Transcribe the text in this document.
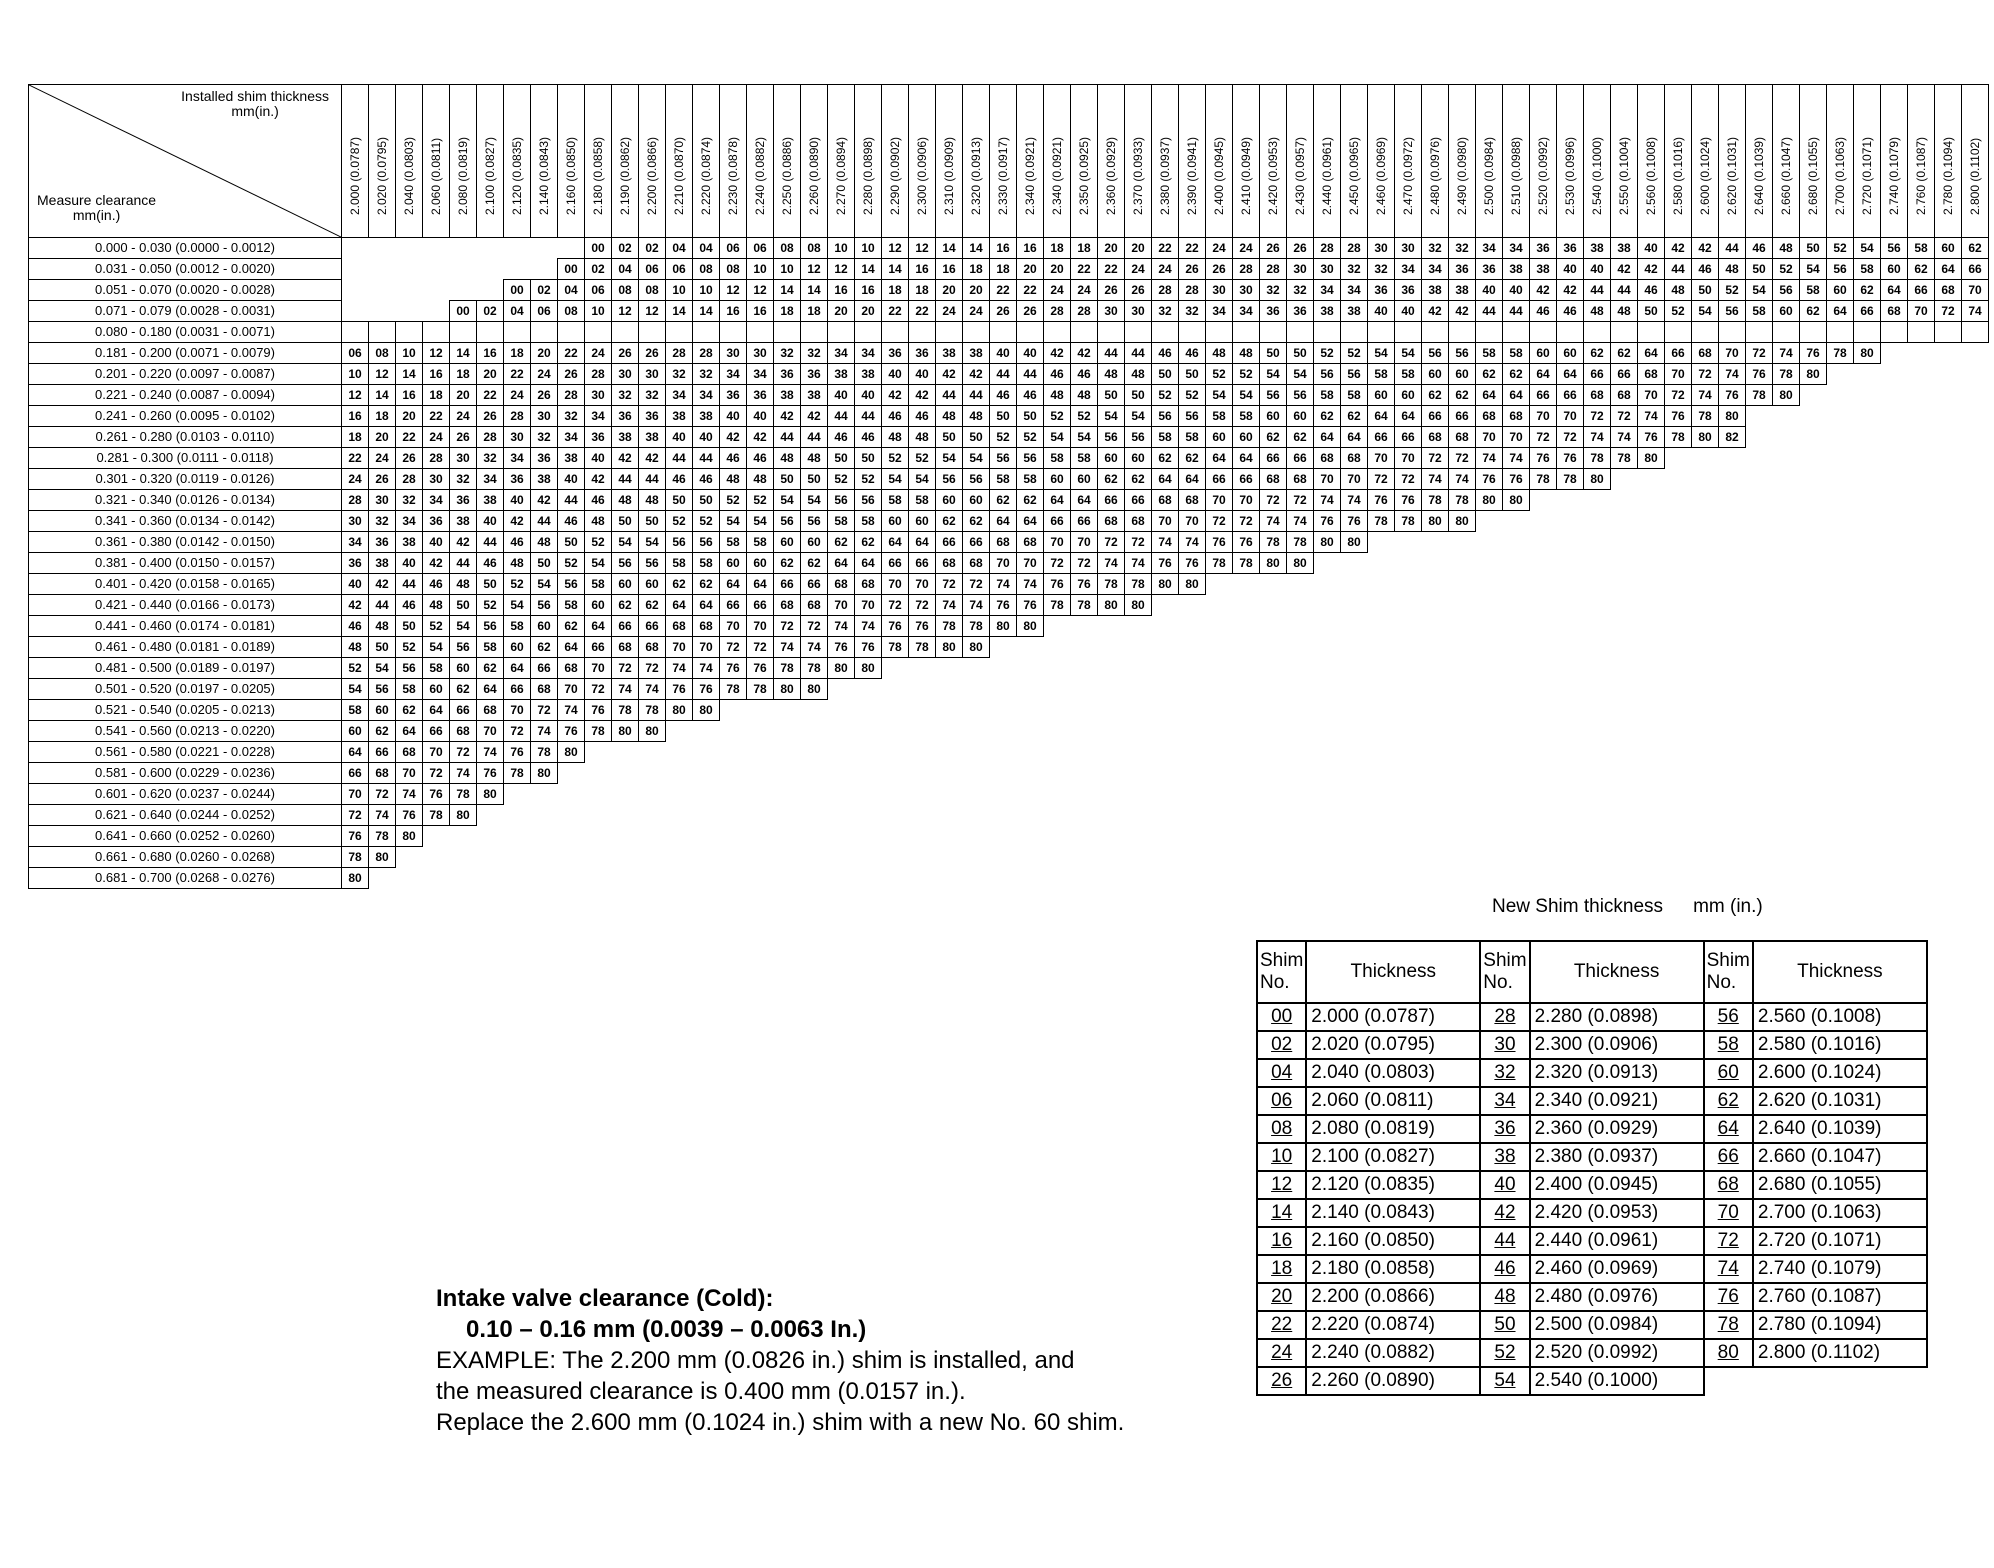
Installed shim thickness
mm(in.)
Measure clearance
mm(in.)	2.000 (0.0787)	2.020 (0.0795)	2.040 (0.0803)	2.060 (0.0811)	2.080 (0.0819)	2.100 (0.0827)	2.120 (0.0835)	2.140 (0.0843)	2.160 (0.0850)	2.180 (0.0858)	2.190 (0.0862)	2.200 (0.0866)	2.210 (0.0870)	2.220 (0.0874)	2.230 (0.0878)	2.240 (0.0882)	2.250 (0.0886)	2.260 (0.0890)	2.270 (0.0894)	2.280 (0.0898)	2.290 (0.0902)	2.300 (0.0906)	2.310 (0.0909)	2.320 (0.0913)	2.330 (0.0917)	2.340 (0.0921)	2.340 (0.0921)	2.350 (0.0925)	2.360 (0.0929)	2.370 (0.0933)	2.380 (0.0937)	2.390 (0.0941)	2.400 (0.0945)	2.410 (0.0949)	2.420 (0.0953)	2.430 (0.0957)	2.440 (0.0961)	2.450 (0.0965)	2.460 (0.0969)	2.470 (0.0972)	2.480 (0.0976)	2.490 (0.0980)	2.500 (0.0984)	2.510 (0.0988)	2.520 (0.0992)	2.530 (0.0996)	2.540 (0.1000)	2.550 (0.1004)	2.560 (0.1008)	2.580 (0.1016)	2.600 (0.1024)	2.620 (0.1031)	2.640 (0.1039)	2.660 (0.1047)	2.680 (0.1055)	2.700 (0.1063)	2.720 (0.1071)	2.740 (0.1079)	2.760 (0.1087)	2.780 (0.1094)	2.800 (0.1102)

0.000 - 0.030 (0.0000 - 0.0012)										00	02	02	04	04	06	06	08	08	10	10	12	12	14	14	16	16	18	18	20	20	22	22	24	24	26	26	28	28	30	30	32	32	34	34	36	36	38	38	40	42	42	44	46	48	50	52	54	56	58	60	62
0.031 - 0.050 (0.0012 - 0.0020)									00	02	04	06	06	08	08	10	10	12	12	14	14	16	16	18	18	20	20	22	22	24	24	26	26	28	28	30	30	32	32	34	34	36	36	38	38	40	40	42	42	44	46	48	50	52	54	56	58	60	62	64	66
0.051 - 0.070 (0.0020 - 0.0028)							00	02	04	06	08	08	10	10	12	12	14	14	16	16	18	18	20	20	22	22	24	24	26	26	28	28	30	30	32	32	34	34	36	36	38	38	40	40	42	42	44	44	46	48	50	52	54	56	58	60	62	64	66	68	70
0.071 - 0.079 (0.0028 - 0.0031)					00	02	04	06	08	10	12	12	14	14	16	16	18	18	20	20	22	22	24	24	26	26	28	28	30	30	32	32	34	34	36	36	38	38	40	40	42	42	44	44	46	46	48	48	50	52	54	56	58	60	62	64	66	68	70	72	74
0.080 - 0.180 (0.0031 - 0.0071)																																																													
0.181 - 0.200 (0.0071 - 0.0079)	06	08	10	12	14	16	18	20	22	24	26	26	28	28	30	30	32	32	34	34	36	36	38	38	40	40	42	42	44	44	46	46	48	48	50	50	52	52	54	54	56	56	58	58	60	60	62	62	64	66	68	70	72	74	76	78	80				
0.201 - 0.220 (0.0097 - 0.0087)	10	12	14	16	18	20	22	24	26	28	30	30	32	32	34	34	36	36	38	38	40	40	42	42	44	44	46	46	48	48	50	50	52	52	54	54	56	56	58	58	60	60	62	62	64	64	66	66	68	70	72	74	76	78	80						
0.221 - 0.240 (0.0087 - 0.0094)	12	14	16	18	20	22	24	26	28	30	32	32	34	34	36	36	38	38	40	40	42	42	44	44	46	46	48	48	50	50	52	52	54	54	56	56	58	58	60	60	62	62	64	64	66	66	68	68	70	72	74	76	78	80							
0.241 - 0.260 (0.0095 - 0.0102)	16	18	20	22	24	26	28	30	32	34	36	36	38	38	40	40	42	42	44	44	46	46	48	48	50	50	52	52	54	54	56	56	58	58	60	60	62	62	64	64	66	66	68	68	70	70	72	72	74	76	78	80									
0.261 - 0.280 (0.0103 - 0.0110)	18	20	22	24	26	28	30	32	34	36	38	38	40	40	42	42	44	44	46	46	48	48	50	50	52	52	54	54	56	56	58	58	60	60	62	62	64	64	66	66	68	68	70	70	72	72	74	74	76	78	80	82									
0.281 - 0.300 (0.0111 - 0.0118)	22	24	26	28	30	32	34	36	38	40	42	42	44	44	46	46	48	48	50	50	52	52	54	54	56	56	58	58	60	60	62	62	64	64	66	66	68	68	70	70	72	72	74	74	76	76	78	78	80												
0.301 - 0.320 (0.0119 - 0.0126)	24	26	28	30	32	34	36	38	40	42	44	44	46	46	48	48	50	50	52	52	54	54	56	56	58	58	60	60	62	62	64	64	66	66	68	68	70	70	72	72	74	74	76	76	78	78	80														
0.321 - 0.340 (0.0126 - 0.0134)	28	30	32	34	36	38	40	42	44	46	48	48	50	50	52	52	54	54	56	56	58	58	60	60	62	62	64	64	66	66	68	68	70	70	72	72	74	74	76	76	78	78	80	80																	
0.341 - 0.360 (0.0134 - 0.0142)	30	32	34	36	38	40	42	44	46	48	50	50	52	52	54	54	56	56	58	58	60	60	62	62	64	64	66	66	68	68	70	70	72	72	74	74	76	76	78	78	80	80																			
0.361 - 0.380 (0.0142 - 0.0150)	34	36	38	40	42	44	46	48	50	52	54	54	56	56	58	58	60	60	62	62	64	64	66	66	68	68	70	70	72	72	74	74	76	76	78	78	80	80																							
0.381 - 0.400 (0.0150 - 0.0157)	36	38	40	42	44	46	48	50	52	54	56	56	58	58	60	60	62	62	64	64	66	66	68	68	70	70	72	72	74	74	76	76	78	78	80	80																									
0.401 - 0.420 (0.0158 - 0.0165)	40	42	44	46	48	50	52	54	56	58	60	60	62	62	64	64	66	66	68	68	70	70	72	72	74	74	76	76	78	78	80	80																													
0.421 - 0.440 (0.0166 - 0.0173)	42	44	46	48	50	52	54	56	58	60	62	62	64	64	66	66	68	68	70	70	72	72	74	74	76	76	78	78	80	80																															
0.441 - 0.460 (0.0174 - 0.0181)	46	48	50	52	54	56	58	60	62	64	66	66	68	68	70	70	72	72	74	74	76	76	78	78	80	80																																			
0.461 - 0.480 (0.0181 - 0.0189)	48	50	52	54	56	58	60	62	64	66	68	68	70	70	72	72	74	74	76	76	78	78	80	80																																					
0.481 - 0.500 (0.0189 - 0.0197)	52	54	56	58	60	62	64	66	68	70	72	72	74	74	76	76	78	78	80	80																																									
0.501 - 0.520 (0.0197 - 0.0205)	54	56	58	60	62	64	66	68	70	72	74	74	76	76	78	78	80	80																																											
0.521 - 0.540 (0.0205 - 0.0213)	58	60	62	64	66	68	70	72	74	76	78	78	80	80																																															
0.541 - 0.560 (0.0213 - 0.0220)	60	62	64	66	68	70	72	74	76	78	80	80																																																	
0.561 - 0.580 (0.0221 - 0.0228)	64	66	68	70	72	74	76	78	80																																																				
0.581 - 0.600 (0.0229 - 0.0236)	66	68	70	72	74	76	78	80																																																					
0.601 - 0.620 (0.0237 - 0.0244)	70	72	74	76	78	80																																																							
0.621 - 0.640 (0.0244 - 0.0252)	72	74	76	78	80																																																								
0.641 - 0.660 (0.0252 - 0.0260)	76	78	80																																																										
0.661 - 0.680 (0.0260 - 0.0268)	78	80																																																											
0.681 - 0.700 (0.0268 - 0.0276)	80																																																												
New Shim thickness mm (in.)
Shim No.	Thickness	Shim No.	Thickness	Shim No.	Thickness
00	2.000 (0.0787)	28	2.280 (0.0898)	56	2.560 (0.1008)
02	2.020 (0.0795)	30	2.300 (0.0906)	58	2.580 (0.1016)
04	2.040 (0.0803)	32	2.320 (0.0913)	60	2.600 (0.1024)
06	2.060 (0.0811)	34	2.340 (0.0921)	62	2.620 (0.1031)
08	2.080 (0.0819)	36	2.360 (0.0929)	64	2.640 (0.1039)
10	2.100 (0.0827)	38	2.380 (0.0937)	66	2.660 (0.1047)
12	2.120 (0.0835)	40	2.400 (0.0945)	68	2.680 (0.1055)
14	2.140 (0.0843)	42	2.420 (0.0953)	70	2.700 (0.1063)
16	2.160 (0.0850)	44	2.440 (0.0961)	72	2.720 (0.1071)
18	2.180 (0.0858)	46	2.460 (0.0969)	74	2.740 (0.1079)
20	2.200 (0.0866)	48	2.480 (0.0976)	76	2.760 (0.1087)
22	2.220 (0.0874)	50	2.500 (0.0984)	78	2.780 (0.1094)
24	2.240 (0.0882)	52	2.520 (0.0992)	80	2.800 (0.1102)
26	2.260 (0.0890)	54	2.540 (0.1000)		
Intake valve clearance (Cold):
0.10 – 0.16 mm (0.0039 – 0.0063 In.)
EXAMPLE: The 2.200 mm (0.0826 in.) shim is installed, and
the measured clearance is 0.400 mm (0.0157 in.).
Replace the 2.600 mm (0.1024 in.) shim with a new No. 60 shim.
